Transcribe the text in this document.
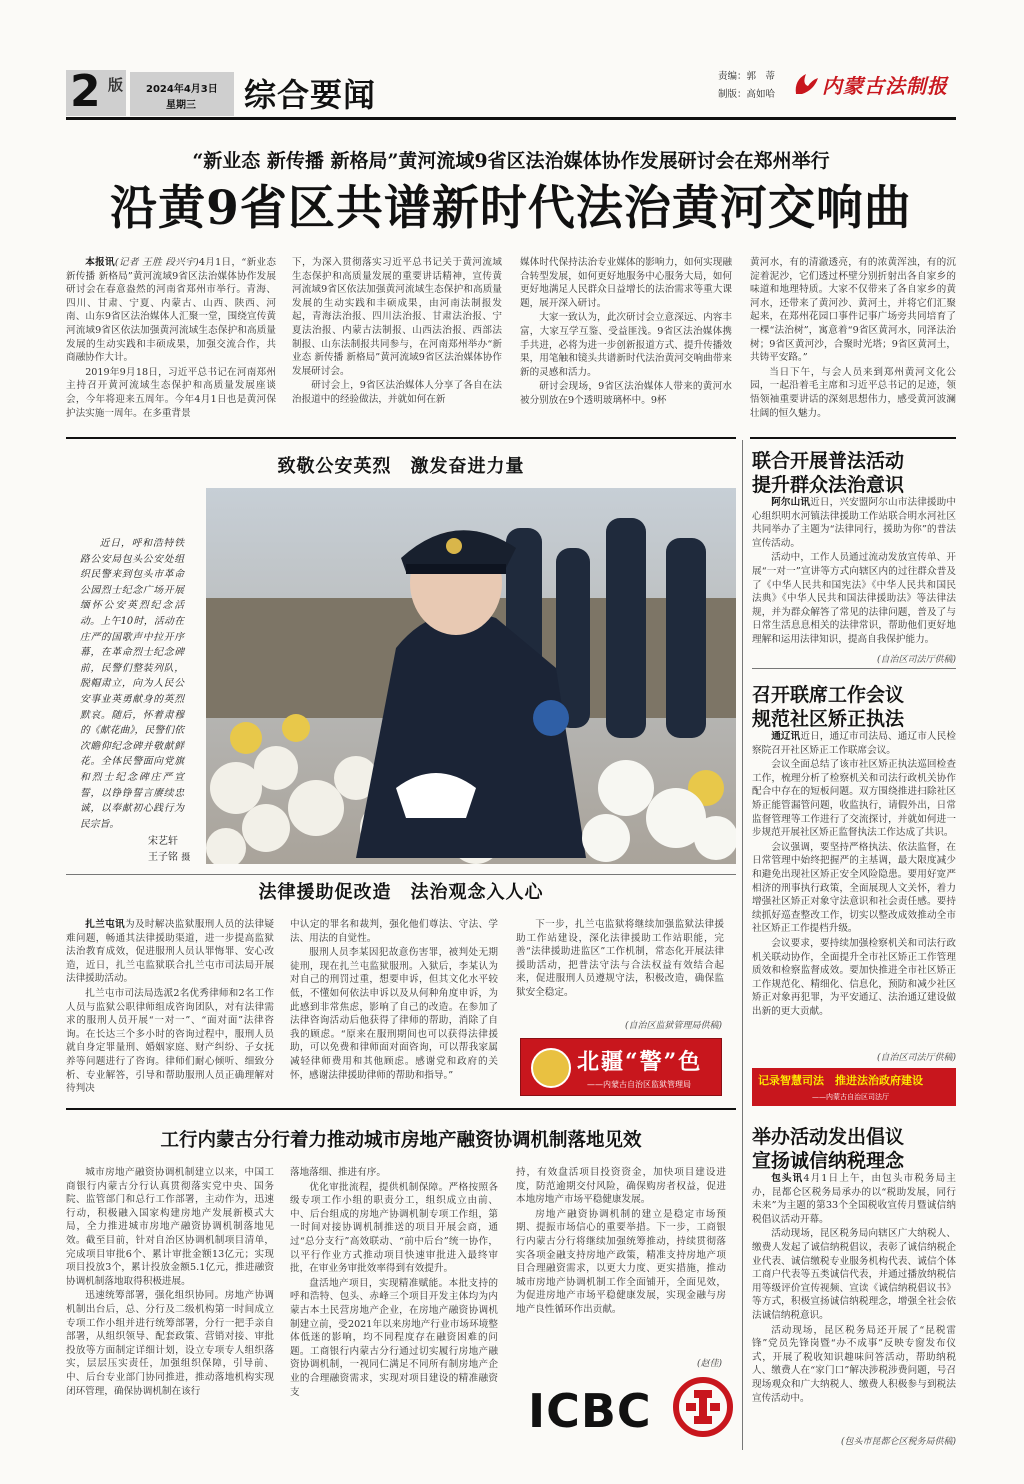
2 版 2024年4月3日
星期三 综合要闻	责编：郭　蒂
制版：高如哈 内蒙古法制报
“新业态 新传播 新格局”黄河流域9省区法治媒体协作发展研讨会在郑州举行
沿黄9省区共谱新时代法治黄河交响曲

本报讯(记者 王胜 段兴宇)4月1日，“新业态 新传播 新格局”黄河流域9省区法治媒体协作发展研讨会在春意盎然的河南省郑州市举行。青海、四川、甘肃、宁夏、内蒙古、山西、陕西、河南、山东9省区法治媒体人汇聚一堂，围绕宣传黄河流域9省区依法加强黄河流域生态保护和高质量发展的生动实践和丰硕成果，加强交流合作，共商融协作大计。

2019年9月18日，习近平总书记在河南郑州主持召开黄河流域生态保护和高质量发展座谈会，今年将迎来五周年。今年4月1日也是黄河保护法实施一周年。在多重背景

下，为深入贯彻落实习近平总书记关于黄河流域生态保护和高质量发展的重要讲话精神，宣传黄河流域9省区依法加强黄河流域生态保护和高质量发展的生动实践和丰硕成果，由河南法制报发起，青海法治报、四川法治报、甘肃法治报、宁夏法治报、内蒙古法制报、山西法治报、西部法制报、山东法制报共同参与，在河南郑州举办“新业态 新传播 新格局”黄河流域9省区法治媒体协作发展研讨会。

研讨会上，9省区法治媒体人分享了各自在法治报道中的经验做法，并就如何在新

媒体时代保持法治专业媒体的影响力，如何实现融合转型发展，如何更好地服务中心服务大局，如何更好地满足人民群众日益增长的法治需求等重大课题，展开深入研讨。

大家一致认为，此次研讨会立意深远、内容丰富，大家互学互鉴、受益匪浅。9省区法治媒体携手共进，必将为进一步创新报道方式、提升传播效果，用笔触和镜头共谱新时代法治黄河交响曲带来新的灵感和活力。

研讨会现场，9省区法治媒体人带来的黄河水被分别放在9个透明玻璃杯中。9杯

黄河水，有的清澈透亮，有的浓黄浑浊，有的沉淀着泥沙，它们透过杯壁分别折射出各自家乡的味道和地理特质。大家不仅带来了各自家乡的黄河水，还带来了黄河沙、黄河土，并将它们汇聚起来，在郑州花园口事件记事广场旁共同培育了一棵“法治树”，寓意着“9省区黄河水，同泽法治树；9省区黄河沙，合聚时光塔；9省区黄河土，共铸平安路。”

当日下午，与会人员来到郑州黄河文化公园，一起沿着毛主席和习近平总书记的足迹，领悟领袖重要讲话的深刻思想伟力，感受黄河波澜壮阔的恒久魅力。

致敬公安英烈　激发奋进力量
近日，呼和浩特铁路公安局包头公安处组织民警来到包头市革命公园烈士纪念广场开展缅怀公安英烈纪念活动。上午10时，活动在庄严的国歌声中拉开序幕，在革命烈士纪念碑前，民警们整装列队，脱帽肃立，向为人民公安事业英勇献身的英烈默哀。随后，怀着肃穆的《献花曲》，民警们依次瞻仰纪念碑并敬献鲜花。全体民警面向党旗和烈士纪念碑庄严宣誓，以铮铮誓言赓续忠诚，以奉献初心践行为民宗旨。
宋艺轩
王子铭 摄
法律援助促改造　法治观念入人心

扎兰屯讯为及时解决监狱服刑人员的法律疑难问题，畅通其法律援助渠道，进一步提高监狱法治教育成效，促进服刑人员认罪悔罪、安心改造，近日，扎兰屯监狱联合扎兰屯市司法局开展法律援助活动。

扎兰屯市司法局选派2名优秀律师和2名工作人员与监狱公职律师组成咨询团队，对有法律需求的服刑人员开展“一对一”、“面对面”法律咨询。在长达三个多小时的咨询过程中，服刑人员就自身定罪量刑、婚姻家庭、财产纠纷、子女抚养等问题进行了咨询。律师们耐心倾听、细致分析、专业解答，引导和帮助服刑人员正确理解对待判决

中认定的罪名和裁判，强化他们尊法、守法、学法、用法的自觉性。

服刑人员李某因犯故意伤害罪，被判处无期徒刑，现在扎兰屯监狱服刑。入狱后，李某认为对自己的刑罚过重，想要申诉，但其文化水平较低，不懂如何依法申诉以及从何种角度申诉，为此感到非常焦虑，影响了自己的改造。在参加了法律咨询活动后他获得了律师的帮助，消除了自我的顾虑。“原来在服刑期间也可以获得法律援助，可以免费和律师面对面咨询，可以帮我家属减轻律师费用和其他顾虑。感谢党和政府的关怀，感谢法律援助律师的帮助和指导。”

下一步，扎兰屯监狱将继续加强监狱法律援助工作站建设，深化法律援助工作站职能，完善“法律援助进监区”工作机制，常态化开展法律援助活动，把普法守法与合法权益有效结合起来，促进服刑人员遵规守法，积极改造，确保监狱安全稳定。

(自治区监狱管理局供稿)
北疆“警”色
——内蒙古自治区监狱管理局
工行内蒙古分行着力推动城市房地产融资协调机制落地见效

城市房地产融资协调机制建立以来，中国工商银行内蒙古分行认真贯彻落实党中央、国务院、监管部门和总行工作部署，主动作为，迅速行动，积极融入国家构建房地产发展新模式大局，全力推进城市房地产融资协调机制落地见效。截至目前，针对自治区协调机制项目清单，完成项目审批6个、累计审批金额13亿元；实现项目投放3个，累计投放金额5.1亿元，推进融资协调机制落地取得积极进展。

迅速统筹部署，强化组织协同。房地产协调机制出台后，总、分行及二级机构第一时间成立专项工作小组并进行统筹部署，分行一把手亲自部署，从组织领导、配套政策、营销对接、审批投放等方面制定详细计划，设立专项专人组织落实，层层压实责任，加强组织保障，引导前、中、后台专业部门协同推进，推动落地机构实现闭环管理，确保协调机制在该行

落地落细、推进有序。

优化审批流程，提供机制保障。严格按照各级专项工作小组的职责分工，组织成立由前、中、后台组成的房地产协调机制专项工作组，第一时间对接协调机制推送的项目开展会商，通过“总分支行”高效联动、“前中后台”统一协作，以平行作业方式推动项目快速审批进入最终审批，在审业务审批效率得到有效提升。

盘活地产项目，实现精准赋能。本批支持的呼和浩特、包头、赤峰三个项目开发主体均为内蒙古本土民营房地产企业，在房地产融资协调机制建立前，受2021年以来房地产行业市场环境整体低迷的影响，均不同程度存在融资困难的问题。工商银行内蒙古分行通过切实履行房地产融资协调机制，一视同仁满足不同所有制房地产企业的合理融资需求，实现对项目建设的精准融资支

持，有效盘活项目投资资金，加快项目建设进度，防范逾期交付风险，确保购房者权益，促进本地房地产市场平稳健康发展。

房地产融资协调机制的建立是稳定市场预期、提振市场信心的重要举措。下一步，工商银行内蒙古分行将继续加强统筹推动，持续贯彻落实各项金融支持房地产政策，精准支持房地产项目合理融资需求，以更大力度、更实措施，推动城市房地产协调机制工作全面铺开，全面见效，为促进房地产市场平稳健康发展，实现金融与房地产良性循环作出贡献。

(赵佳)
ICBC
联合开展普法活动
提升群众法治意识

阿尔山讯近日，兴安盟阿尔山市法律援助中心组织明水河镇法律援助工作站联合明水河社区共同举办了主题为“法律同行，援助为你”的普法宣传活动。

活动中，工作人员通过流动发放宣传单、开展“一对一”宣讲等方式向辖区内的过往群众普及了《中华人民共和国宪法》《中华人民共和国民法典》《中华人民共和国法律援助法》等法律法规，并为群众解答了常见的法律问题，普及了与日常生活息息相关的法律常识，帮助他们更好地理解和运用法律知识，提高自我保护能力。

(自治区司法厅供稿)
召开联席工作会议
规范社区矫正执法

通辽讯近日，通辽市司法局、通辽市人民检察院召开社区矫正工作联席会议。

会议全面总结了该市社区矫正执法巡回检查工作，梳理分析了检察机关和司法行政机关协作配合中存在的短板问题。双方围绕推进扫除社区矫正能管漏管问题，收监执行，请假外出，日常监督管理等工作进行了交流探讨，并就如何进一步规范开展社区矫正监督执法工作达成了共识。

会议强调，要坚持严格执法、依法监督，在日常管理中始终把握严的主基调，最大限度减少和避免出现社区矫正安全风险隐患。要用好宽严相济的刑事执行政策，全面展现人文关怀，着力增强社区矫正对象守法意识和社会责任感。要持续抓好巡查整改工作，切实以整改成效推动全市社区矫正工作提档升级。

会议要求，要持续加强检察机关和司法行政机关联动协作，全面提升全市社区矫正工作管理质效和检察监督成效。要加快推进全市社区矫正工作规范化、精细化、信息化，预防和减少社区矫正对象再犯罪，为平安通辽、法治通辽建设做出新的更大贡献。

(自治区司法厅供稿)
记录智慧司法　推进法治政府建设
——内蒙古自治区司法厅
举办活动发出倡议
宣扬诚信纳税理念

包头讯4月1日上午，由包头市税务局主办，昆都仑区税务局承办的以“税助发展，同行未来”为主题的第33个全国税收宣传月暨诚信纳税倡议活动开幕。

活动现场，昆区税务局向辖区广大纳税人、缴费人发起了诚信纳税倡议，表彰了诚信纳税企业代表、诚信缴税专业服务机构代表、诚信个体工商户代表等五类诚信代表，并通过播放纳税信用等级评价宣传视频、宣读《诚信纳税倡议书》等方式，积极宣扬诚信纳税理念，增强全社会依法诚信纳税意识。

活动现场，昆区税务局还开展了“昆税雷锋”党员先锋岗暨“办不成事”反映专窗发布仪式，开展了税收知识趣味问答活动，帮助纳税人、缴费人在“家门口”解决涉税涉费问题，号召现场观众和广大纳税人、缴费人积极参与到税法宣传活动中。

(包头市昆都仑区税务局供稿)
